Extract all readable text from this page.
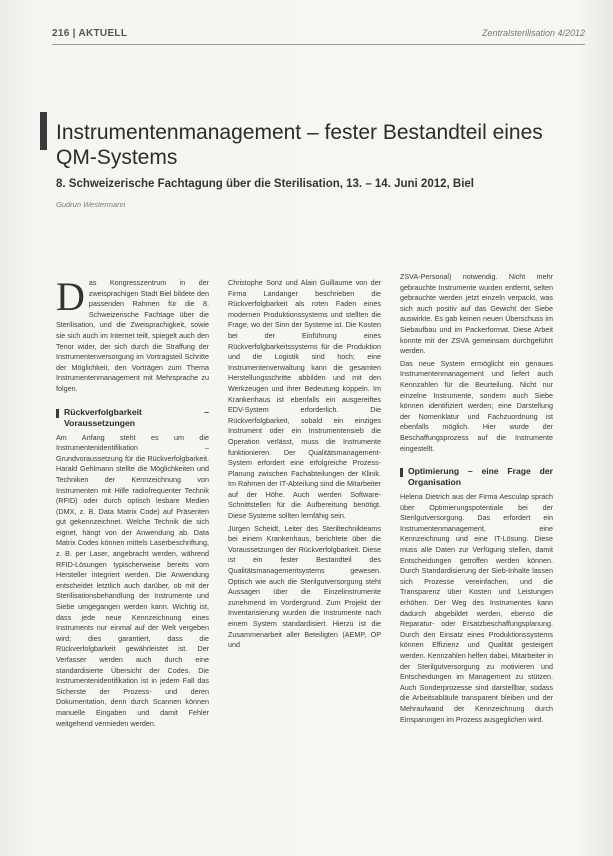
216 | AKTUELL	Zentralsterilisation 4/2012
Instrumentenmanagement – fester Bestandteil eines QM-Systems
8. Schweizerische Fachtagung über die Sterilisation, 13. – 14. Juni 2012, Biel
Gudrun Westermann

Das Kongresszentrum in der zweisprachigen Stadt Biel bildete den passenden Rahmen für die 8. Schweizerische Fachtage über die Sterilisation, und die Zweisprachigkeit, sowie sie sich auch im Internet teilt, spiegelt auch den Tenor wider, der sich durch die Straffung der Instrumentenversorgung im Vortragsteil Schritte der Möglichkeit, den Vorträgen zum Thema Instrumentenmanagement mit Mehrsprache zu folgen.

Rückverfolgbarkeit – Voraussetzungen

Am Anfang steht es um die Instrumentenidentifikation – Grundvoraussetzung für die Rückverfolgbarkeit. Harald Gehlmann stellte die Möglichkeiten und Techniken der Kennzeichnung von Instrumenten mit Hilfe radiofrequenter Technik (RFID) oder durch optisch lesbare Medien (DMX, z. B. Data Matrix Code) auf Präsenten gut gekennzeichnet. Welche Technik die sich eignet, hängt von der Anwendung ab. Data Matrix Codes können mittels Laserbeschriftung, z. B. per Laser, angebracht werden, während RFID-Lösungen typischerweise bereits vom Hersteller integriert werden. Die Anwendung entscheidet letztlich auch darüber, ob mit der Sterilisationsbehandlung der Instrumente und Siebe umgegangen werden kann. Wichtig ist, dass jede neue Kennzeichnung eines Instruments nur einmal auf der Welt vergeben wird; dies garantiert, dass die Rückverfolgbarkeit gewährleistet ist. Der Verfasser werden auch durch eine standardisierte Übersicht der Codes. Die Instrumentenidentifikation ist in jedem Fall das Sicherste der Prozess- und deren Dokumentation, denn durch Scannen können manuelle Eingaben und damit Fehler weitgehend vermieden werden.

Christophe Sonz und Alain Guillaume von der Firma Landanger beschrieben die Rückverfolgbarkeit als roten Faden eines modernen Produktionssystems und stellten die Frage, wo der Sinn der Systeme ist. Die Kosten bei der Einführung eines Rückverfolgbarkeitssystems für die Produktion und die Logistik sind hoch; eine Instrumentenverwaltung kann die gesamten Herstellungsschritte abbilden und mit den Werkzeugen und ihrer Bedeutung koppeln. Im Krankenhaus ist ebenfalls ein ausgereiftes EDV-System erforderlich. Die Rückverfolgbarkeit, sobald ein einziges Instrument oder ein Instrumentensieb die Operation verlässt, muss die Instrumente funktionieren. Der Qualitätsmanagement-System erfordert eine erfolgreiche Prozess-Planung zwischen Fachabteilungen der Klinik. Im Rahmen der IT-Abteilung sind die Mitarbeiter auf der Höhe. Auch werden Software-Schnittstellen für die Aufbereitung benötigt. Diese Systeme sollten lernfähig sein.

Jürgen Scheidt, Leiter des Steriltechnikteams bei einem Krankenhaus, berichtete über die Voraussetzungen der Rückverfolgbarkeit. Diese ist ein fester Bestandteil des Qualitätsmanagementsystems gewesen. Optisch wie auch die Sterilgutversorgung steht Aussagen über die Einzelinstrumente zunehmend im Vordergrund. Zum Projekt der Inventarisierung wurden die Instrumente nach einem System standardisiert. Hierzu ist die Zusammenarbeit aller Beteiligten (AEMP, OP und

ZSVA-Personal) notwendig. Nicht mehr gebrauchte Instrumente wurden entfernt, selten gebrauchte werden jetzt einzeln verpackt, was sich auch positiv auf das Gewicht der Siebe auswirkte. Es gab keinen neuen Überschuss im Siebaufbau und im Packerformat. Diese Arbeit konnte mit der ZSVA gemeinsam durchgeführt werden.

Das neue System ermöglicht ein genaues Instrumentenmanagement und liefert auch Kennzahlen für die Beurteilung. Nicht nur einzelne Instrumente, sondern auch Siebe können identifiziert werden; eine Darstellung der Nomenklatur und Fachzuordnung ist ebenfalls möglich. Hier wurde der Beschaffungsprozess auf die Instrumente eingestellt.

Optimierung – eine Frage der Organisation

Helena Dietrich aus der Firma Aesculap sprach über Optimierungspotentiale bei der Sterilgutversorgung. Das erfordert ein Instrumentenmanagement, eine Kennzeichnung und eine IT-Lösung. Diese muss alle Daten zur Verfügung stellen, damit Entscheidungen getroffen werden können. Durch Standardisierung der Sieb-Inhalte lassen sich Prozesse vereinfachen, und die Transparenz über Kosten und Leistungen erhöhen. Der Weg des Instrumentes kann dadurch abgebildet werden, ebenso die Reparatur- oder Ersatzbeschaffungsplanung. Durch den Einsatz eines Produktionssystems können Effizienz und Qualität gesteigert werden. Kennzahlen helfen dabei, Mitarbeiter in der Sterilgutversorgung zu motivieren und Entscheidungen im Management zu stützen. Auch Sonderprozesse sind darstellbar, sodass die Arbeitsabläufe transparent bleiben und der Mehraufwand der Kennzeichnung durch Einsparungen im Prozess ausgeglichen wird.
